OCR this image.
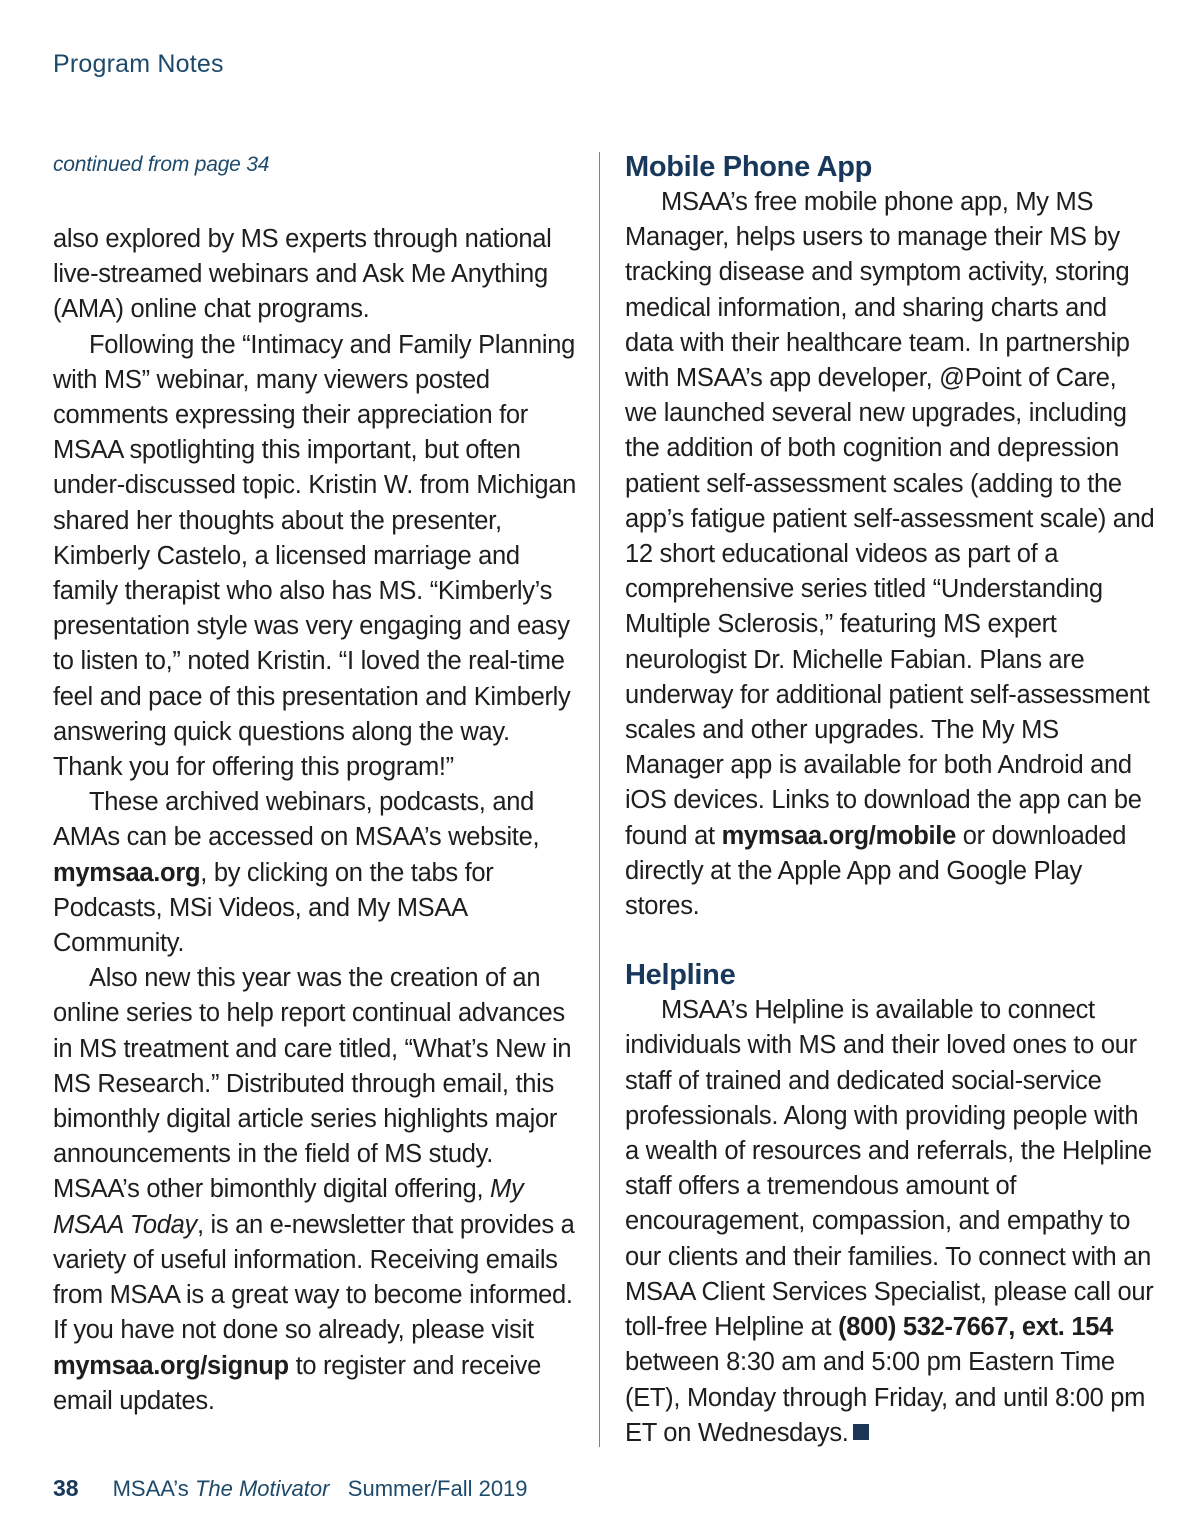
Program Notes
continued from page 34

also explored by MS experts through national live-streamed webinars and Ask Me Anything (AMA) online chat programs.

Following the “Intimacy and Family Planning with MS” webinar, many viewers posted comments expressing their appreciation for MSAA spotlighting this important, but often under-discussed topic. Kristin W. from Michigan shared her thoughts about the presenter, Kimberly Castelo, a licensed marriage and family therapist who also has MS. “Kimberly’s presentation style was very engaging and easy to listen to,” noted Kristin. “I loved the real-time feel and pace of this presentation and Kimberly answering quick questions along the way. Thank you for offering this program!”

These archived webinars, podcasts, and AMAs can be accessed on MSAA’s website, mymsaa.org, by clicking on the tabs for Podcasts, MSi Videos, and My MSAA Community.

Also new this year was the creation of an online series to help report continual advances in MS treatment and care titled, “What’s New in MS Research.” Distributed through email, this bimonthly digital article series highlights major announcements in the field of MS study. MSAA’s other bimonthly digital offering, My MSAA Today, is an e-newsletter that provides a variety of useful information. Receiving emails from MSAA is a great way to become informed. If you have not done so already, please visit mymsaa.org/signup to register and receive email updates.

Mobile Phone App

MSAA’s free mobile phone app, My MS Manager, helps users to manage their MS by tracking disease and symptom activity, storing medical information, and sharing charts and data with their healthcare team. In partnership with MSAA’s app developer, @Point of Care, we launched several new upgrades, including the addition of both cognition and depression patient self-assessment scales (adding to the app’s fatigue patient self-assessment scale) and 12 short educational videos as part of a comprehensive series titled “Understanding Multiple Sclerosis,” featuring MS expert neurologist Dr. Michelle Fabian. Plans are underway for additional patient self-assessment scales and other upgrades. The My MS Manager app is available for both Android and iOS devices. Links to download the app can be found at mymsaa.org/mobile or downloaded directly at the Apple App and Google Play stores.

Helpline

MSAA’s Helpline is available to connect individuals with MS and their loved ones to our staff of trained and dedicated social-service professionals. Along with providing people with a wealth of resources and referrals, the Helpline staff offers a tremendous amount of encouragement, compassion, and empathy to our clients and their families. To connect with an MSAA Client Services Specialist, please call our toll-free Helpline at (800) 532-7667, ext. 154 between 8:30 am and 5:00 pm Eastern Time (ET), Monday through Friday, and until 8:00 pm ET on Wednesdays.

38 MSAA’s The Motivator Summer/Fall 2019
